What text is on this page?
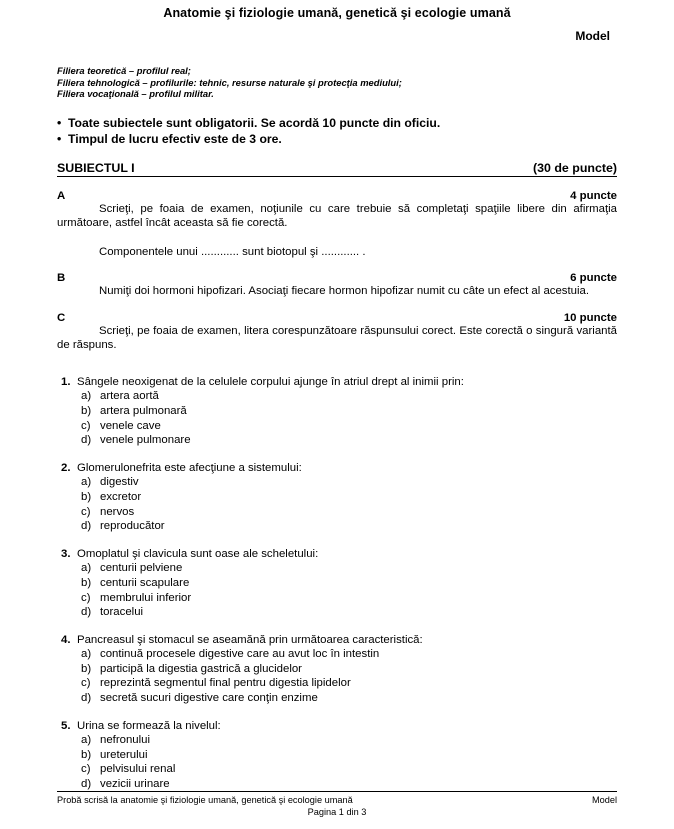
Anatomie şi fiziologie umană, genetică şi ecologie umană
Model
Filiera teoretică – profilul real;
Filiera tehnologică – profilurile: tehnic, resurse naturale şi protecţia mediului;
Filiera vocaţională – profilul militar.
• Toate subiectele sunt obligatorii. Se acordă 10 puncte din oficiu.
• Timpul de lucru efectiv este de 3 ore.
SUBIECTUL I	(30 de puncte)
A	4 puncte
Scrieţi, pe foaia de examen, noţiunile cu care trebuie să completaţi spaţiile libere din afirmaţia următoare, astfel încât aceasta să fie corectă.
Componentele unui ............ sunt biotopul şi ............ .
B	6 puncte
Numiţi doi hormoni hipofizari. Asociaţi fiecare hormon hipofizar numit cu câte un efect al acestuia.
C	10 puncte
Scrieţi, pe foaia de examen, litera corespunzătoare răspunsului corect. Este corectă o singură variantă de răspuns.
1. Sângele neoxigenat de la celulele corpului ajunge în atriul drept al inimii prin:
a) artera aortă
b) artera pulmonară
c) venele cave
d) venele pulmonare
2. Glomerulonefrita este afecţiune a sistemului:
a) digestiv
b) excretor
c) nervos
d) reproducător
3. Omoplatul şi clavicula sunt oase ale scheletului:
a) centurii pelviene
b) centurii scapulare
c) membrului inferior
d) toracelui
4. Pancreasul şi stomacul se aseamănă prin următoarea caracteristică:
a) continuă procesele digestive care au avut loc în intestin
b) participă la digestia gastrică a glucidelor
c) reprezintă segmentul final pentru digestia lipidelor
d) secretă sucuri digestive care conţin enzime
5. Urina se formează la nivelul:
a) nefronului
b) ureterului
c) pelvisului renal
d) vezicii urinare
Probă scrisă la anatomie şi fiziologie umană, genetică şi ecologie umană	Model
Pagina 1 din 3
